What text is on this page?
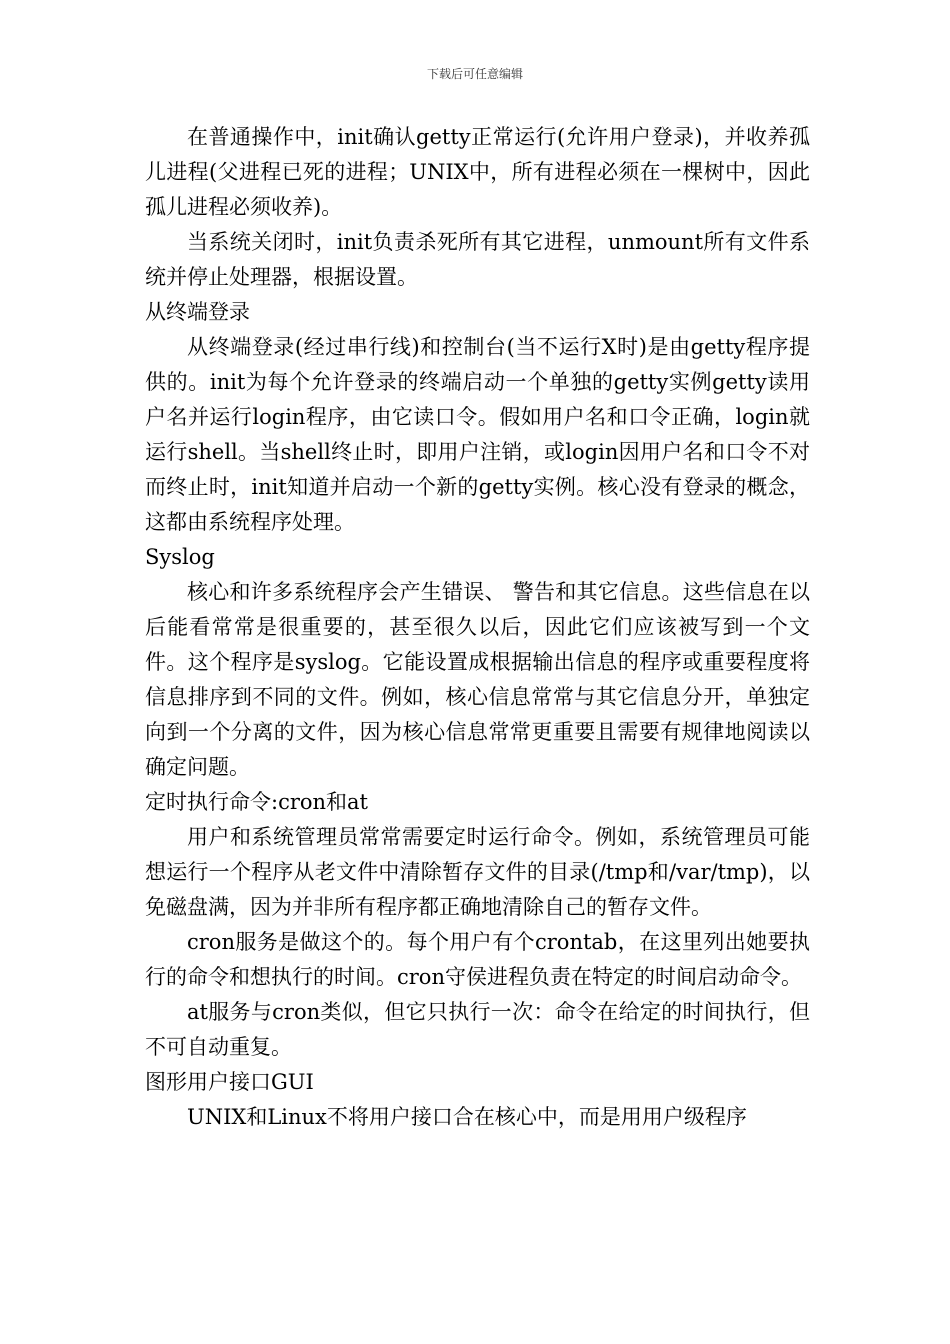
下载后可任意编辑

在普通操作中，init确认getty正常运行(允许用户登录)，并收养孤儿进程(父进程已死的进程；UNIX中，所有进程必须在一棵树中，因此孤儿进程必须收养)。

当系统关闭时，init负责杀死所有其它进程，unmount所有文件系统并停止处理器，根据设置。

从终端登录

从终端登录(经过串行线)和控制台(当不运行X时)是由getty程序提供的。init为每个允许登录的终端启动一个单独的getty实例getty读用户名并运行login程序，由它读口令。假如用户名和口令正确，login就运行shell。当shell终止时，即用户注销，或login因用户名和口令不对而终止时，init知道并启动一个新的getty实例。核心没有登录的概念，这都由系统程序处理。

Syslog

核心和许多系统程序会产生错误、 警告和其它信息。这些信息在以后能看常常是很重要的，甚至很久以后，因此它们应该被写到一个文件。这个程序是syslog。它能设置成根据输出信息的程序或重要程度将信息排序到不同的文件。例如，核心信息常常与其它信息分开，单独定向到一个分离的文件，因为核心信息常常更重要且需要有规律地阅读以确定问题。

定时执行命令:cron和at

用户和系统管理员常常需要定时运行命令。例如，系统管理员可能想运行一个程序从老文件中清除暂存文件的目录(/tmp和/var/tmp)，以免磁盘满，因为并非所有程序都正确地清除自己的暂存文件。

cron服务是做这个的。每个用户有个crontab，在这里列出她要执行的命令和想执行的时间。cron守侯进程负责在特定的时间启动命令。

at服务与cron类似，但它只执行一次：命令在给定的时间执行，但不可自动重复。

图形用户接口GUI

UNIX和Linux不将用户接口合在核心中，而是用用户级程序
